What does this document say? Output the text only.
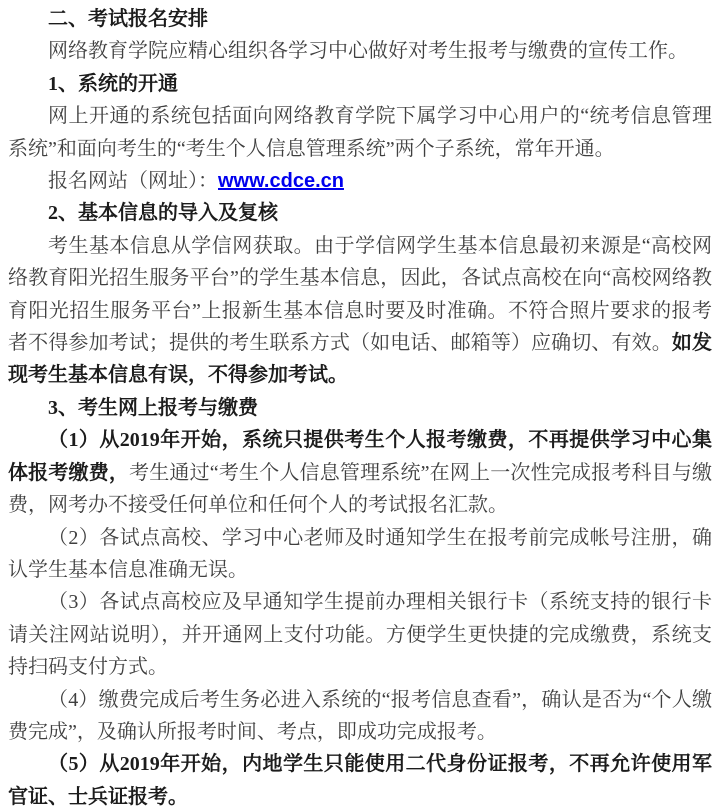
二、考试报名安排

网络教育学院应精心组织各学习中心做好对考生报考与缴费的宣传工作。

1、系统的开通

网上开通的系统包括面向网络教育学院下属学习中心用户的“统考信息管理系统”和面向考生的“考生个人信息管理系统”两个子系统，常年开通。

报名网站（网址）：www.cdce.cn

2、基本信息的导入及复核

考生基本信息从学信网获取。由于学信网学生基本信息最初来源是“高校网络教育阳光招生服务平台”的学生基本信息，因此，各试点高校在向“高校网络教育阳光招生服务平台”上报新生基本信息时要及时准确。不符合照片要求的报考者不得参加考试；提供的考生联系方式（如电话、邮箱等）应确切、有效。如发现考生基本信息有误，不得参加考试。

3、考生网上报考与缴费

（1）从2019年开始，系统只提供考生个人报考缴费，不再提供学习中心集体报考缴费，考生通过“考生个人信息管理系统”在网上一次性完成报考科目与缴费，网考办不接受任何单位和任何个人的考试报名汇款。

（2）各试点高校、学习中心老师及时通知学生在报考前完成帐号注册，确认学生基本信息准确无误。

（3）各试点高校应及早通知学生提前办理相关银行卡（系统支持的银行卡请关注网站说明），并开通网上支付功能。方便学生更快捷的完成缴费，系统支持扫码支付方式。

（4）缴费完成后考生务必进入系统的“报考信息查看”，确认是否为“个人缴费完成”，及确认所报考时间、考点，即成功完成报考。

（5）从2019年开始，内地学生只能使用二代身份证报考，不再允许使用军官证、士兵证报考。
